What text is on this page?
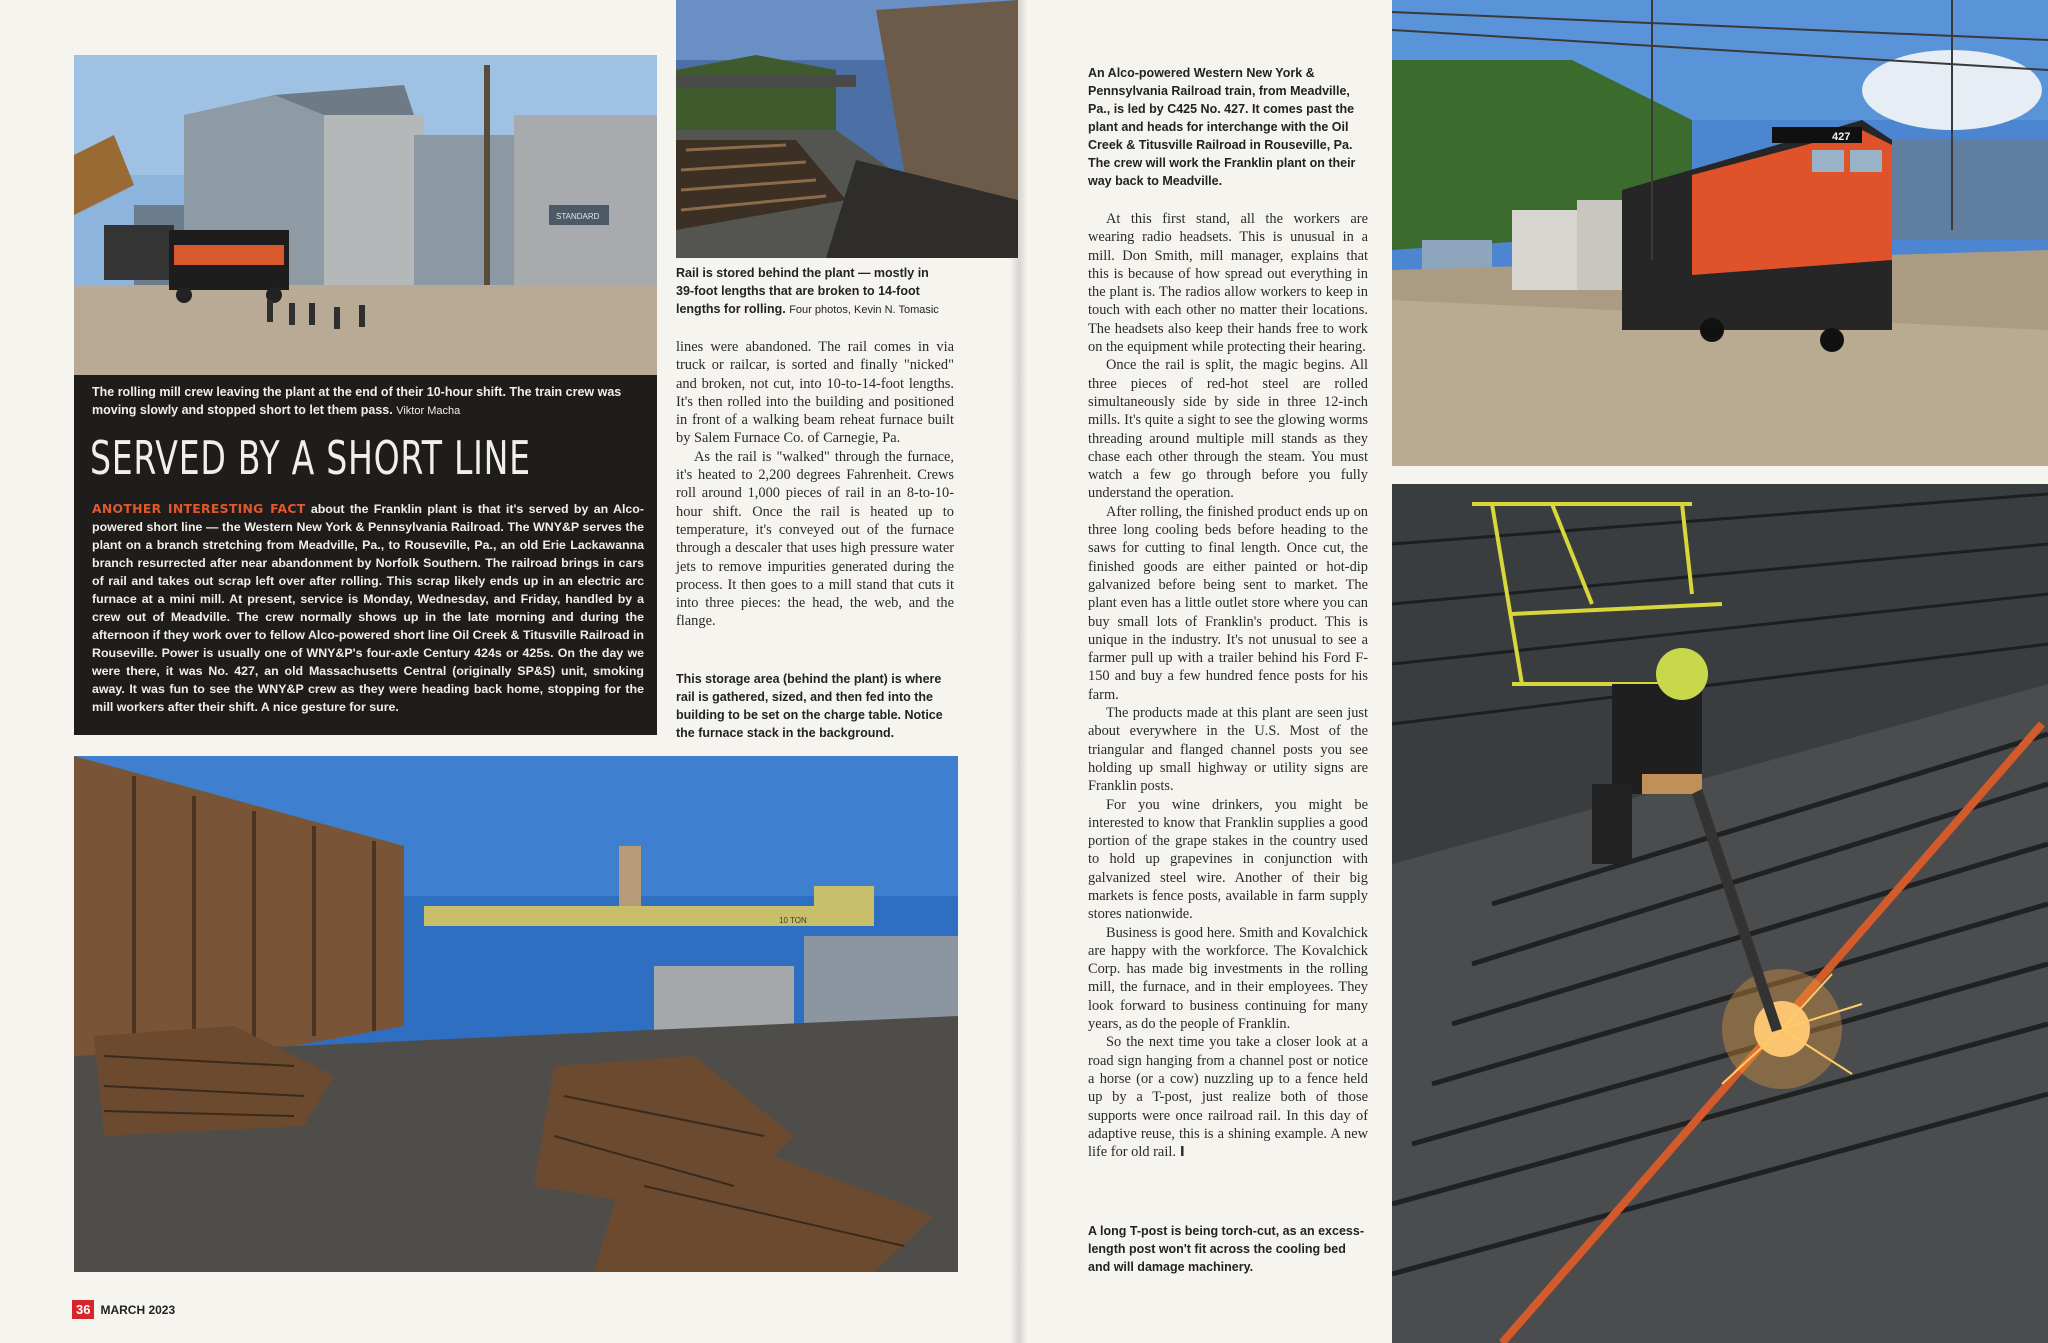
STANDARD
The rolling mill crew leaving the plant at the end of their 10-hour shift. The train crew was moving slowly and stopped short to let them pass. Viktor Macha
SERVED BY A SHORT LINE
ANOTHER INTERESTING FACT about the Franklin plant is that it's served by an Alco-powered short line — the Western New York & Pennsylvania Railroad. The WNY&P serves the plant on a branch stretching from Meadville, Pa., to Rouseville, Pa., an old Erie Lackawanna branch resurrected after near abandonment by Norfolk Southern. The railroad brings in cars of rail and takes out scrap left over after rolling. This scrap likely ends up in an electric arc furnace at a mini mill. At present, service is Monday, Wednesday, and Friday, handled by a crew out of Meadville. The crew normally shows up in the late morning and during the afternoon if they work over to fellow Alco-powered short line Oil Creek & Titusville Railroad in Rouseville. Power is usually one of WNY&P's four-axle Century 424s or 425s. On the day we were there, it was No. 427, an old Massachusetts Central (originally SP&S) unit, smoking away. It was fun to see the WNY&P crew as they were heading back home, stopping for the mill workers after their shift. A nice gesture for sure.
Rail is stored behind the plant — mostly in 39-foot lengths that are broken to 14-foot lengths for rolling. Four photos, Kevin N. Tomasic

lines were abandoned. The rail comes in via truck or railcar, is sorted and finally "nicked" and broken, not cut, into 10-to-14-foot lengths. It's then rolled into the building and positioned in front of a walking beam reheat furnace built by Salem Furnace Co. of Carnegie, Pa.

As the rail is "walked" through the furnace, it's heated to 2,200 degrees Fahrenheit. Crews roll around 1,000 pieces of rail in an 8-to-10-hour shift. Once the rail is heated up to temperature, it's conveyed out of the furnace through a descaler that uses high pressure water jets to remove impurities generated during the process. It then goes to a mill stand that cuts it into three pieces: the head, the web, and the flange.

This storage area (behind the plant) is where rail is gathered, sized, and then fed into the building to be set on the charge table. Notice the furnace stack in the background.
10 TON
36 MARCH 2023
An Alco-powered Western New York & Pennsylvania Railroad train, from Meadville, Pa., is led by C425 No. 427. It comes past the plant and heads for interchange with the Oil Creek & Titusville Railroad in Rouseville, Pa. The crew will work the Franklin plant on their way back to Meadville.

At this first stand, all the workers are wearing radio headsets. This is unusual in a mill. Don Smith, mill manager, explains that this is because of how spread out everything in the plant is. The radios allow workers to keep in touch with each other no matter their locations. The headsets also keep their hands free to work on the equipment while protecting their hearing.

Once the rail is split, the magic begins. All three pieces of red-hot steel are rolled simultaneously side by side in three 12-inch mills. It's quite a sight to see the glowing worms threading around multiple mill stands as they chase each other through the steam. You must watch a few go through before you fully understand the operation.

After rolling, the finished product ends up on three long cooling beds before heading to the saws for cutting to final length. Once cut, the finished goods are either painted or hot-dip galvanized before being sent to market. The plant even has a little outlet store where you can buy small lots of Franklin's product. This is unique in the industry. It's not unusual to see a farmer pull up with a trailer behind his Ford F-150 and buy a few hundred fence posts for his farm.

The products made at this plant are seen just about everywhere in the U.S. Most of the triangular and flanged channel posts you see holding up small highway or utility signs are Franklin posts.

For you wine drinkers, you might be interested to know that Franklin supplies a good portion of the grape stakes in the country used to hold up grapevines in conjunction with galvanized steel wire. Another of their big markets is fence posts, available in farm supply stores nationwide.

Business is good here. Smith and Kovalchick are happy with the workforce. The Kovalchick Corp. has made big investments in the rolling mill, the furnace, and in their employees. They look forward to business continuing for many years, as do the people of Franklin.

So the next time you take a closer look at a road sign hanging from a channel post or notice a horse (or a cow) nuzzling up to a fence held up by a T-post, just realize both of those supports were once railroad rail. In this day of adaptive reuse, this is a shining example. A new life for old rail. I

A long T-post is being torch-cut, as an excess-length post won't fit across the cooling bed and will damage machinery.
427
